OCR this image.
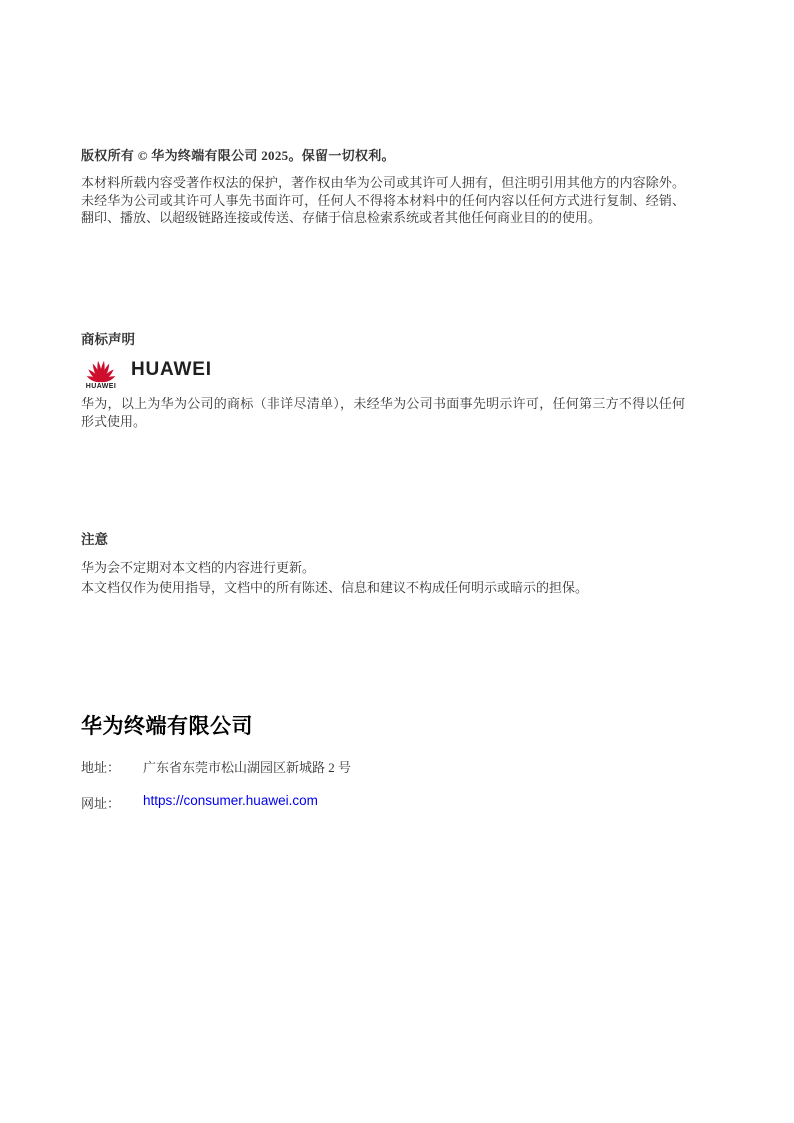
版权所有 © 华为终端有限公司 2025。保留一切权利。
本材料所载内容受著作权法的保护，著作权由华为公司或其许可人拥有，但注明引用其他方的内容除外。未经华为公司或其许可人事先书面许可，任何人不得将本材料中的任何内容以任何方式进行复制、经销、翻印、播放、以超级链路连接或传送、存储于信息检索系统或者其他任何商业目的的使用。
商标声明
HUAWEI
HUAWEI
华为，以上为华为公司的商标（非详尽清单），未经华为公司书面事先明示许可，任何第三方不得以任何形式使用。
注意
华为会不定期对本文档的内容进行更新。
本文档仅作为使用指导，文档中的所有陈述、信息和建议不构成任何明示或暗示的担保。
华为终端有限公司
地址：	广东省东莞市松山湖园区新城路 2 号
网址：	https://consumer.huawei.com
